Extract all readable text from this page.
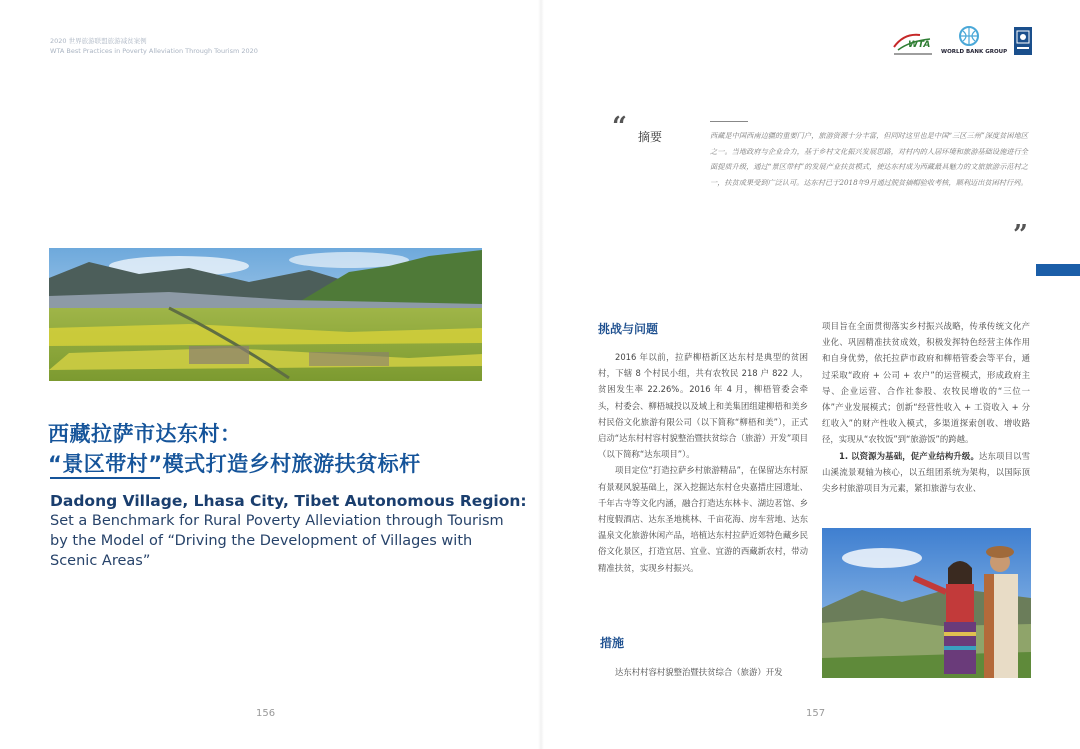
2020 世界旅游联盟旅游减贫案例
WTA Best Practices in Poverty Alleviation Through Tourism 2020
WTA
WORLD BANK GROUP
西藏拉萨市达东村：
“景区带村”模式打造乡村旅游扶贫标杆
Dadong Village, Lhasa City, Tibet Autonomous Region:
Set a Benchmark for Rural Poverty Alleviation through Tourism
by the Model of “Driving the Development of Villages with
Scenic Areas”
156
“ 摘要	西藏是中国西南边疆的重要门户，旅游资源十分丰富，但同时这里也是中国“三区三州”深度贫困地区之一。当地政府与企业合力，基于乡村文化振兴发展思路，对村内的人居环境和旅游基础设施进行全面提质升级，通过“景区带村”的发展产业扶贫模式，使达东村成为西藏最具魅力的文旅旅游示范村之一，扶贫成果受到广泛认可。达东村已于2018年9月通过脱贫摘帽验收考核，顺利迈出贫困村行列。
”
挑战与问题

2016 年以前，拉萨柳梧新区达东村是典型的贫困村，下辖 8 个村民小组，共有农牧民 218 户 822 人，贫困发生率 22.26%。2016 年 4 月，柳梧管委会牵头，村委会、柳梧城投以及域上和美集团组建柳梧和美乡村民俗文化旅游有限公司（以下简称“柳梧和美”），正式启动“达东村村容村貌整治暨扶贫综合（旅游）开发”项目（以下简称“达东项目”）。

项目定位“打造拉萨乡村旅游精品”，在保留达东村原有景观风貌基础上，深入挖掘达东村仓央嘉措庄园遗址、千年古寺等文化内涵，融合打造达东林卡、湖边茗馆、乡村度假酒店、达东圣地桃林、千亩花海、房车营地、达东温泉文化旅游休闲产品，培植达东村拉萨近郊特色藏乡民俗文化景区，打造宜居、宜业、宜游的西藏新农村，带动精准扶贫，实现乡村振兴。

措施

达东村村容村貌整治暨扶贫综合（旅游）开发

项目旨在全面贯彻落实乡村振兴战略，传承传统文化产业化、巩固精准扶贫成效，积极发挥特色经营主体作用和自身优势，依托拉萨市政府和柳梧管委会等平台，通过采取“政府 + 公司 + 农户”的运营模式，形成政府主导、企业运营、合作社参股、农牧民增收的“三位一体”产业发展模式；创新“经营性收入 + 工资收入 + 分红收入”的财产性收入模式，多渠道探索创收、增收路径，实现从“农牧饭”到“旅游饭”的跨越。

1. 以资源为基础，促产业结构升级。达东项目以雪山溪流景观轴为核心，以五组团系统为架构，以国际顶尖乡村旅游项目为元素，紧扣旅游与农业、

157
